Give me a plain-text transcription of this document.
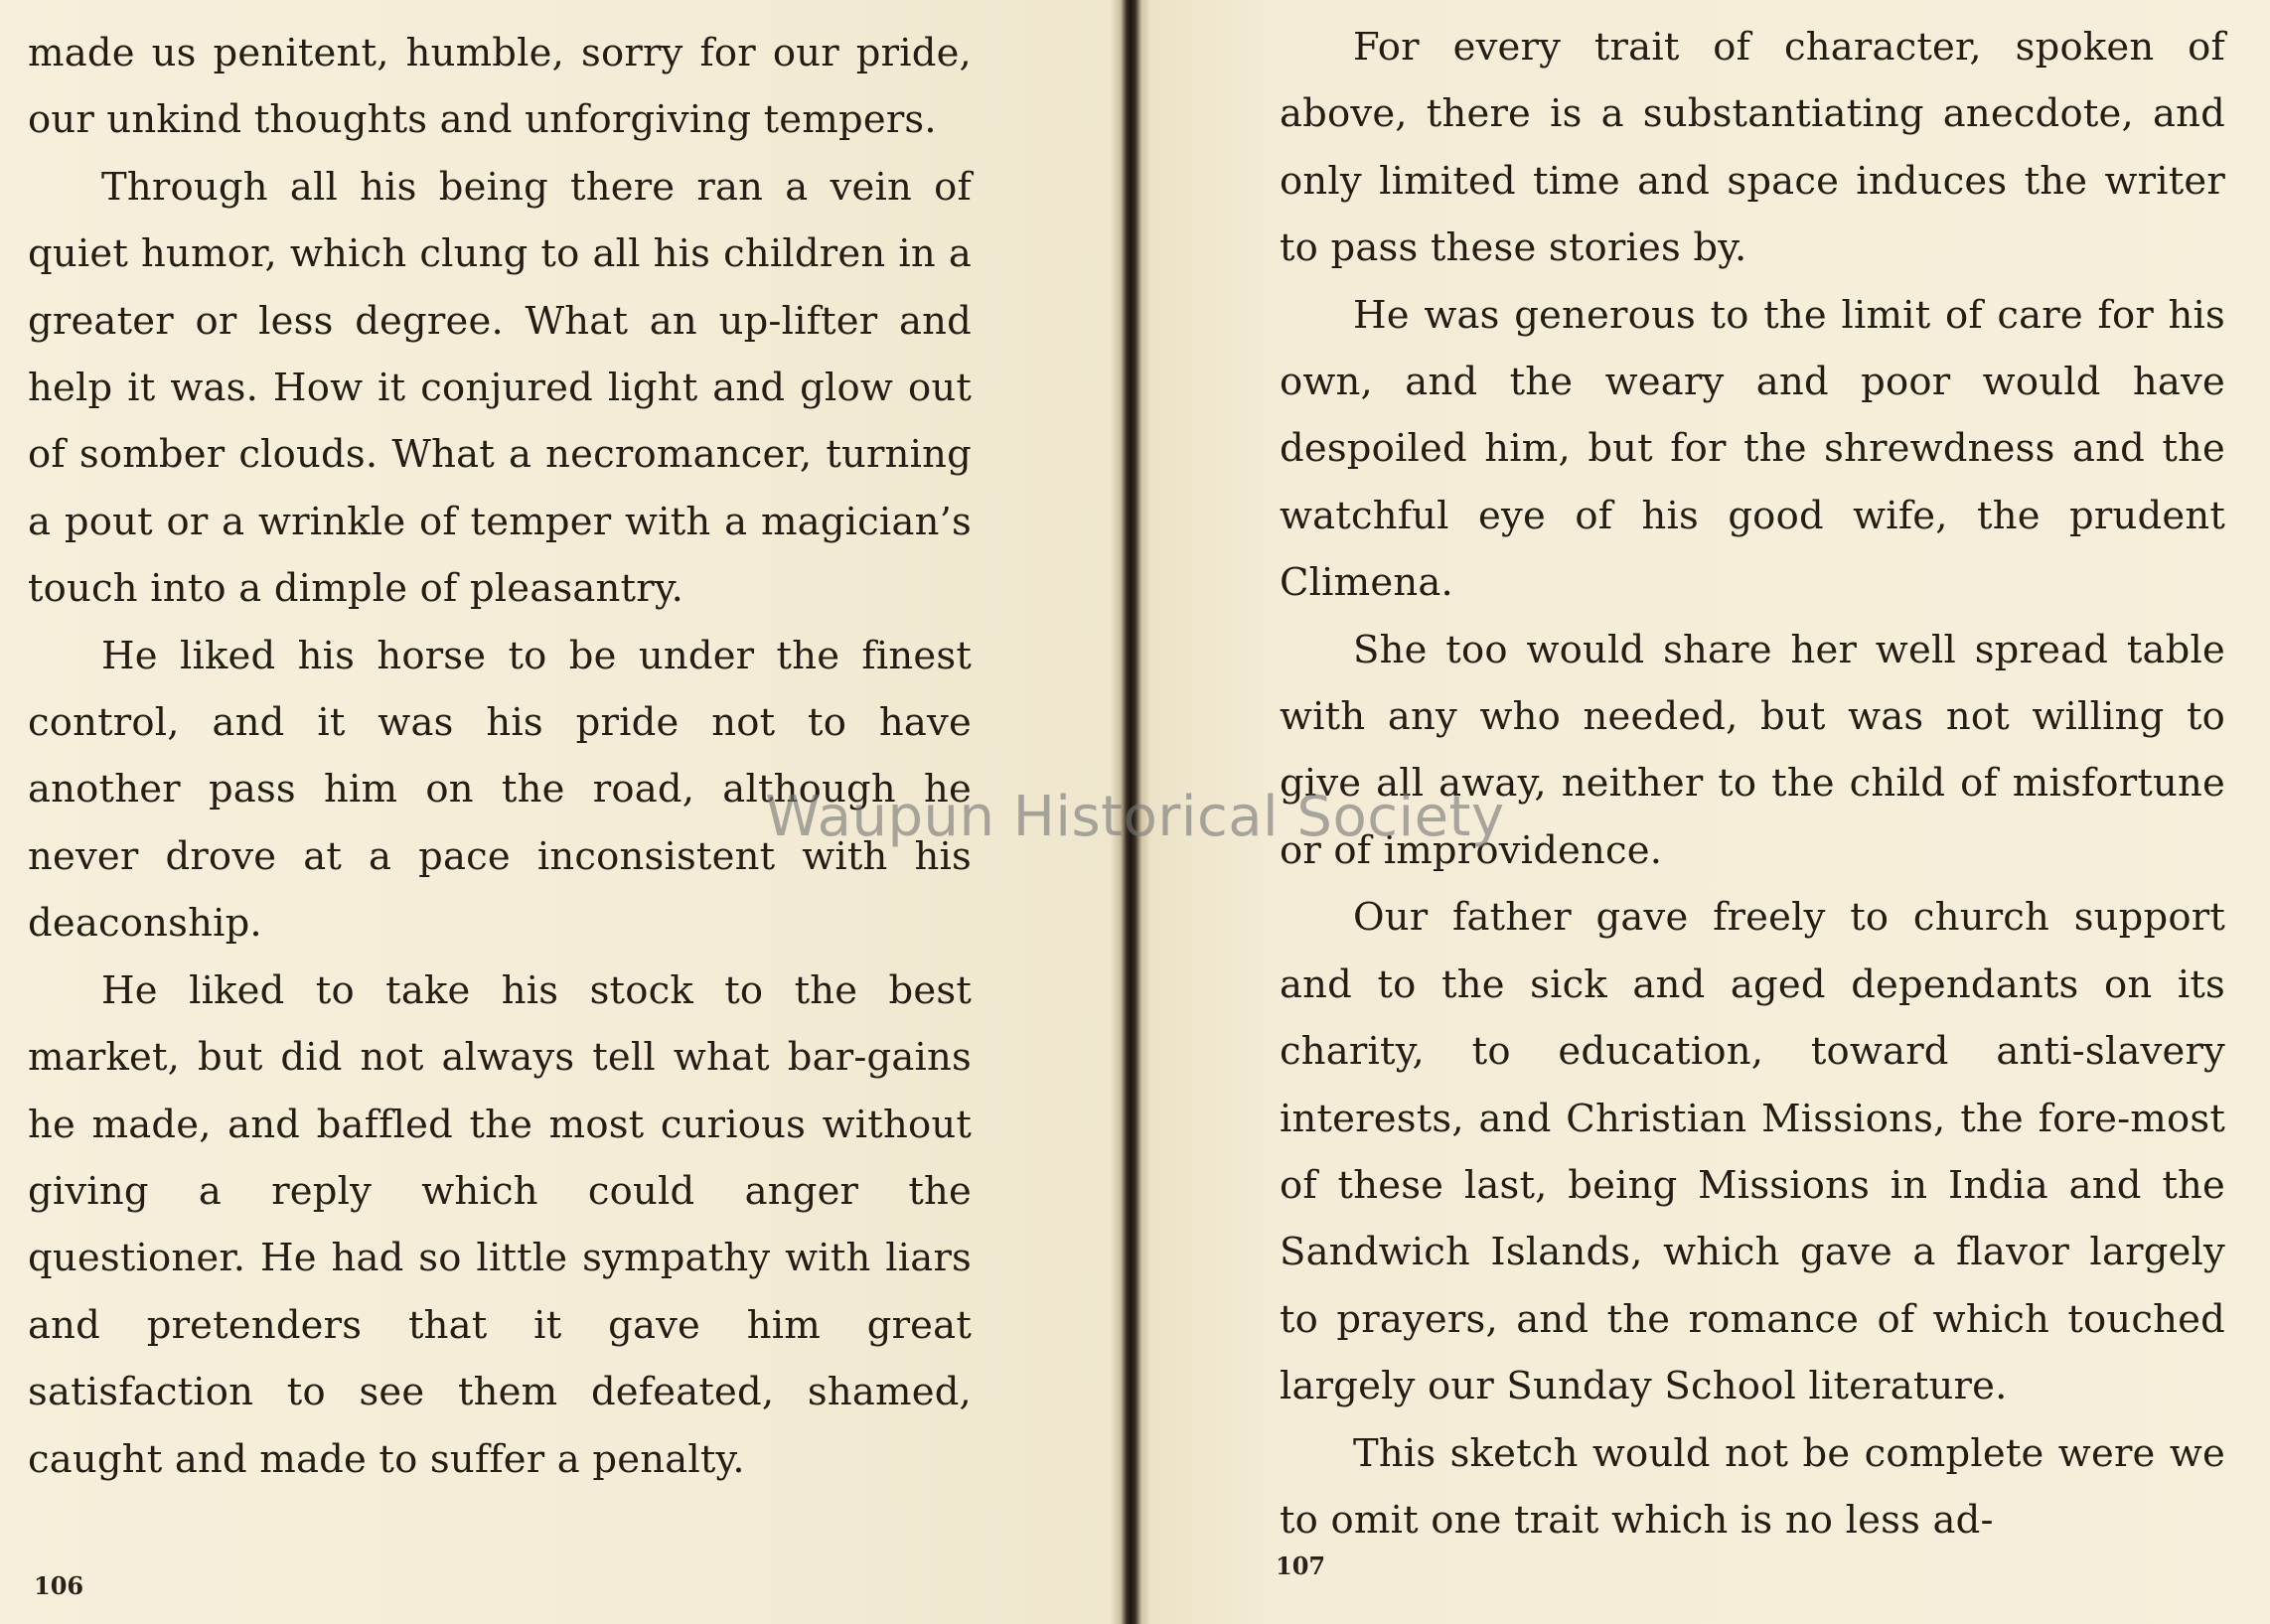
made us penitent, humble, sorry for our pride, our unkind thoughts and unforgiving tempers.

Through all his being there ran a vein of quiet humor, which clung to all his children in a greater or less degree. What an up-lifter and help it was. How it conjured light and glow out of somber clouds. What a necromancer, turning a pout or a wrinkle of temper with a magician’s touch into a dimple of pleasantry.

He liked his horse to be under the finest control, and it was his pride not to have another pass him on the road, although he never drove at a pace inconsistent with his deaconship.

He liked to take his stock to the best market, but did not always tell what bar-gains he made, and baffled the most curious without giving a reply which could anger the questioner. He had so little sympathy with liars and pretenders that it gave him great satisfaction to see them defeated, shamed, caught and made to suffer a penalty.

106

For every trait of character, spoken of above, there is a substantiating anecdote, and only limited time and space induces the writer to pass these stories by.

He was generous to the limit of care for his own, and the weary and poor would have despoiled him, but for the shrewdness and the watchful eye of his good wife, the prudent Climena.

She too would share her well spread table with any who needed, but was not willing to give all away, neither to the child of misfortune or of improvidence.

Our father gave freely to church support and to the sick and aged dependants on its charity, to education, toward anti-slavery interests, and Christian Missions, the fore-most of these last, being Missions in India and the Sandwich Islands, which gave a flavor largely to prayers, and the romance of which touched largely our Sunday School literature.

This sketch would not be complete were we to omit one trait which is no less ad-

107
Waupun Historical Society
